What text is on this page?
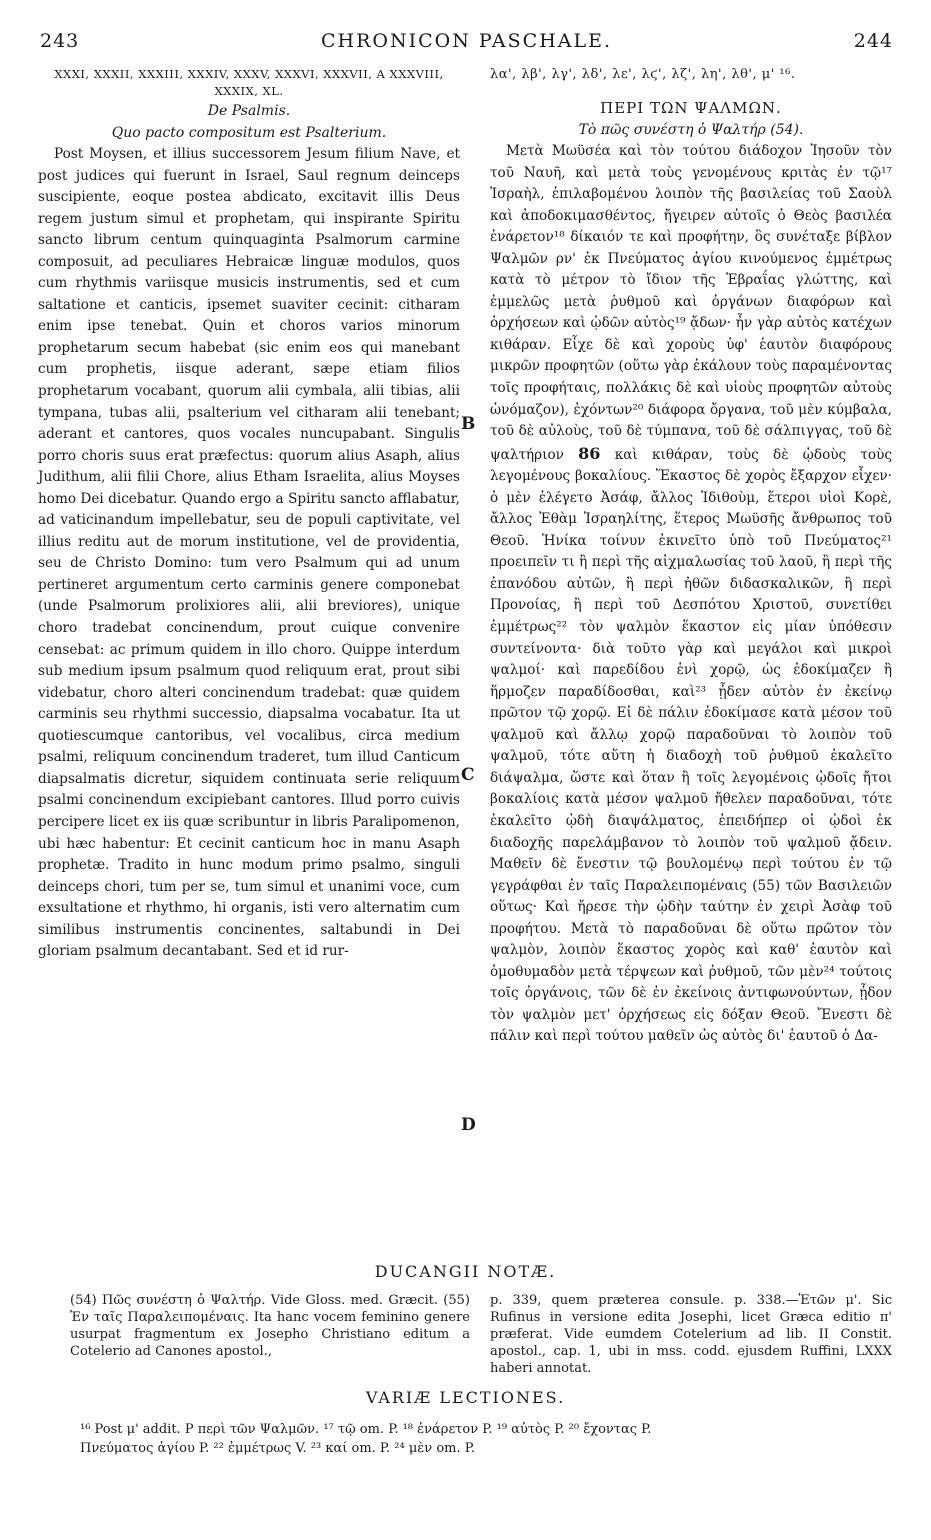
243	CHRONICON PASCHALE.	244
XXXI, XXXII, XXXIII, XXXIV, XXXV, XXXVI, XXXVII, A XXXVIII, XXXIX, XL.
De Psalmis.
Quo pacto compositum est Psalterium.

Post Moysen, et illius successorem Jesum filium Nave, et post judices qui fuerunt in Israel, Saul regnum deinceps suscipiente, eoque postea abdicato, excitavit illis Deus regem justum simul et prophetam, qui inspirante Spiritu sancto librum centum quinquaginta Psalmorum carmine composuit, ad peculiares Hebraicæ linguæ modulos, quos cum rhythmis variisque musicis instrumentis, sed et cum saltatione et canticis, ipsemet suaviter cecinit: citharam enim ipse tenebat. Quin et choros varios minorum prophetarum secum habebat (sic enim eos qui manebant cum prophetis, iisque aderant, sæpe etiam filios prophetarum vocabant, quorum alii cymbala, alii tibias, alii tympana, tubas alii, psalterium vel citharam alii tenebant; aderant et cantores, quos vocales nuncupabant. Singulis porro choris suus erat præfectus: quorum alius Asaph, alius Judithum, alii filii Chore, alius Etham Israelita, alius Moyses homo Dei dicebatur. Quando ergo a Spiritu sancto afflabatur, ad vaticinandum impellebatur, seu de populi captivitate, vel illius reditu aut de morum institutione, vel de providentia, seu de Christo Domino: tum vero Psalmum qui ad unum pertineret argumentum certo carminis genere componebat (unde Psalmorum prolixiores alii, alii breviores), unique choro tradebat concinendum, prout cuique convenire censebat: ac primum quidem in illo choro. Quippe interdum sub medium ipsum psalmum quod reliquum erat, prout sibi videbatur, choro alteri concinendum tradebat: quæ quidem carminis seu rhythmi successio, diapsalma vocabatur. Ita ut quotiescumque cantoribus, vel vocalibus, circa medium psalmi, reliquum concinendum traderet, tum illud Canticum diapsalmatis dicretur, siquidem continuata serie reliquum psalmi concinendum excipiebant cantores. Illud porro cuivis percipere licet ex iis quæ scribuntur in libris Paralipomenon, ubi hæc habentur: Et cecinit canticum hoc in manu Asaph prophetæ. Tradito in hunc modum primo psalmo, singuli deinceps chori, tum per se, tum simul et unanimi voce, cum exsultatione et rhythmo, hi organis, isti vero alternatim cum similibus instrumentis concinentes, saltabundi in Dei gloriam psalmum decantabant. Sed et id rur-

λα', λβ', λγ', λδ', λε', λϛ', λζ', λη', λθ', μ' ¹⁶.
ΠΕΡΙ ΤΩΝ ΨΑΛΜΩΝ.
Τὸ πῶς συνέστη ὁ Ψαλτήρ (54).

Μετὰ Μωϋσέα καὶ τὸν τούτου διάδοχον Ἰησοῦν τὸν τοῦ Ναυῆ, καὶ μετὰ τοὺς γενομένους κριτὰς ἐν τῷ¹⁷ Ἰσραὴλ, ἐπιλαβομένου λοιπὸν τῆς βασιλείας τοῦ Σαοὺλ καὶ ἀποδοκιμασθέντος, ἤγειρεν αὐτοῖς ὁ Θεὸς βασιλέα ἐνάρετον¹⁸ δίκαιόν τε καὶ προφήτην, ὃς συνέταξε βίβλον Ψαλμῶν ρν' ἐκ Πνεύματος ἁγίου κινούμενος ἐμμέτρως κατὰ τὸ μέτρον τὸ ἴδιον τῆς Ἑβραΐας γλώττης, καὶ ἐμμελῶς μετὰ ῥυθμοῦ καὶ ὀργάνων διαφόρων καὶ ὀρχήσεων καὶ ᾠδῶν αὐτὸς¹⁹ ᾄδων· ἦν γὰρ αὐτὸς κατέχων κιθάραν. Εἶχε δὲ καὶ χοροὺς ὑφ' ἑαυτὸν διαφόρους μικρῶν προφητῶν (οὕτω γὰρ ἐκάλουν τοὺς παραμένοντας τοῖς προφήταις, πολλάκις δὲ καὶ υἱοὺς προφητῶν αὐτοὺς ὠνόμαζον), ἐχόντων²⁰ διάφορα ὄργανα, τοῦ μὲν κύμβαλα, τοῦ δὲ αὐλοὺς, τοῦ δὲ τύμπανα, τοῦ δὲ σάλπιγγας, τοῦ δὲ ψαλτήριον 86 καὶ κιθάραν, τοὺς δὲ ᾠδοὺς τοὺς λεγομένους βοκαλίους. Ἕκαστος δὲ χορὸς ἔξαρχον εἶχεν· ὁ μὲν ἐλέγετο Ἀσάφ, ἄλλος Ἰδιθοὺμ, ἕτεροι υἱοὶ Κορὲ, ἄλλος Ἐθὰμ Ἰσραηλίτης, ἕτερος Μωϋσῆς ἄνθρωπος τοῦ Θεοῦ. Ἡνίκα τοίνυν ἐκινεῖτο ὑπὸ τοῦ Πνεύματος²¹ προειπεῖν τι ἢ περὶ τῆς αἰχμαλωσίας τοῦ λαοῦ, ἢ περὶ τῆς ἐπανόδου αὐτῶν, ἢ περὶ ἠθῶν διδασκαλικῶν, ἢ περὶ Προνοίας, ἢ περὶ τοῦ Δεσπότου Χριστοῦ, συνετίθει ἐμμέτρως²² τὸν ψαλμὸν ἕκαστον εἰς μίαν ὑπόθεσιν συντείνοντα· διὰ τοῦτο γὰρ καὶ μεγάλοι καὶ μικροὶ ψαλμοί· καὶ παρεδίδου ἑνὶ χορῷ, ὡς ἐδοκίμαζεν ἢ ἥρμοζεν παραδίδοσθαι, καὶ²³ ᾖδεν αὐτὸν ἐν ἐκείνῳ πρῶτον τῷ χορῷ. Εἰ δὲ πάλιν ἐδοκίμασε κατὰ μέσον τοῦ ψαλμοῦ καὶ ἄλλῳ χορῷ παραδοῦναι τὸ λοιπὸν τοῦ ψαλμοῦ, τότε αὕτη ἡ διαδοχὴ τοῦ ῥυθμοῦ ἐκαλεῖτο διάψαλμα, ὥστε καὶ ὅταν ἢ τοῖς λεγομένοις ᾠδοῖς ἤτοι βοκαλίοις κατὰ μέσον ψαλμοῦ ἤθελεν παραδοῦναι, τότε ἐκαλεῖτο ᾠδὴ διαψάλματος, ἐπειδήπερ οἱ ᾠδοὶ ἐκ διαδοχῆς παρελάμβανον τὸ λοιπὸν τοῦ ψαλμοῦ ᾄδειν. Μαθεῖν δὲ ἔνεστιν τῷ βουλομένῳ περὶ τούτου ἐν τῷ γεγράφθαι ἐν ταῖς Παραλειπομέναις (55) τῶν Βασιλειῶν οὕτως· Καὶ ἤρεσε τὴν ᾠδὴν ταύτην ἐν χειρὶ Ἀσὰφ τοῦ προφήτου. Μετὰ τὸ παραδοῦναι δὲ οὕτω πρῶτον τὸν ψαλμὸν, λοιπὸν ἕκαστος χορὸς καὶ καθ' ἑαυτὸν καὶ ὁμοθυμαδὸν μετὰ τέρψεων καὶ ῥυθμοῦ, τῶν μὲν²⁴ τούτοις τοῖς ὀργάνοις, τῶν δὲ ἐν ἐκείνοις ἀντιφωνούντων, ᾖδον τὸν ψαλμὸν μετ' ὀρχήσεως εἰς δόξαν Θεοῦ. Ἔνεστι δὲ πάλιν καὶ περὶ τούτου μαθεῖν ὡς αὐτὸς δι' ἑαυτοῦ ὁ Δα-

B
C
D
DUCANGII NOTÆ.

(54) Πῶς συνέστη ὁ Ψαλτήρ. Vide Gloss. med. Græcit. (55) Ἐν ταῖς Παραλειπομέναις. Ita hanc vocem feminino genere usurpat fragmentum ex Josepho Christiano editum a Cotelerio ad Canones apostol.,

p. 339, quem præterea consule. p. 338.—Ἐτῶν μ'. Sic Rufinus in versione edita Josephi, licet Græca editio π' præferat. Vide eumdem Cotelerium ad lib. II Constit. apostol., cap. 1, ubi in mss. codd. ejusdem Ruffini, LXXX haberi annotat.

VARIÆ LECTIONES.

¹⁶ Post μ' addit. P περὶ τῶν Ψαλμῶν. ¹⁷ τῷ om. P. ¹⁸ ἐνάρετον P. ¹⁹ αὐτὸς P. ²⁰ ἔχοντας P.

Πνεύματος ἁγίου P. ²² ἐμμέτρως V. ²³ καί om. P. ²⁴ μὲν om. P.
